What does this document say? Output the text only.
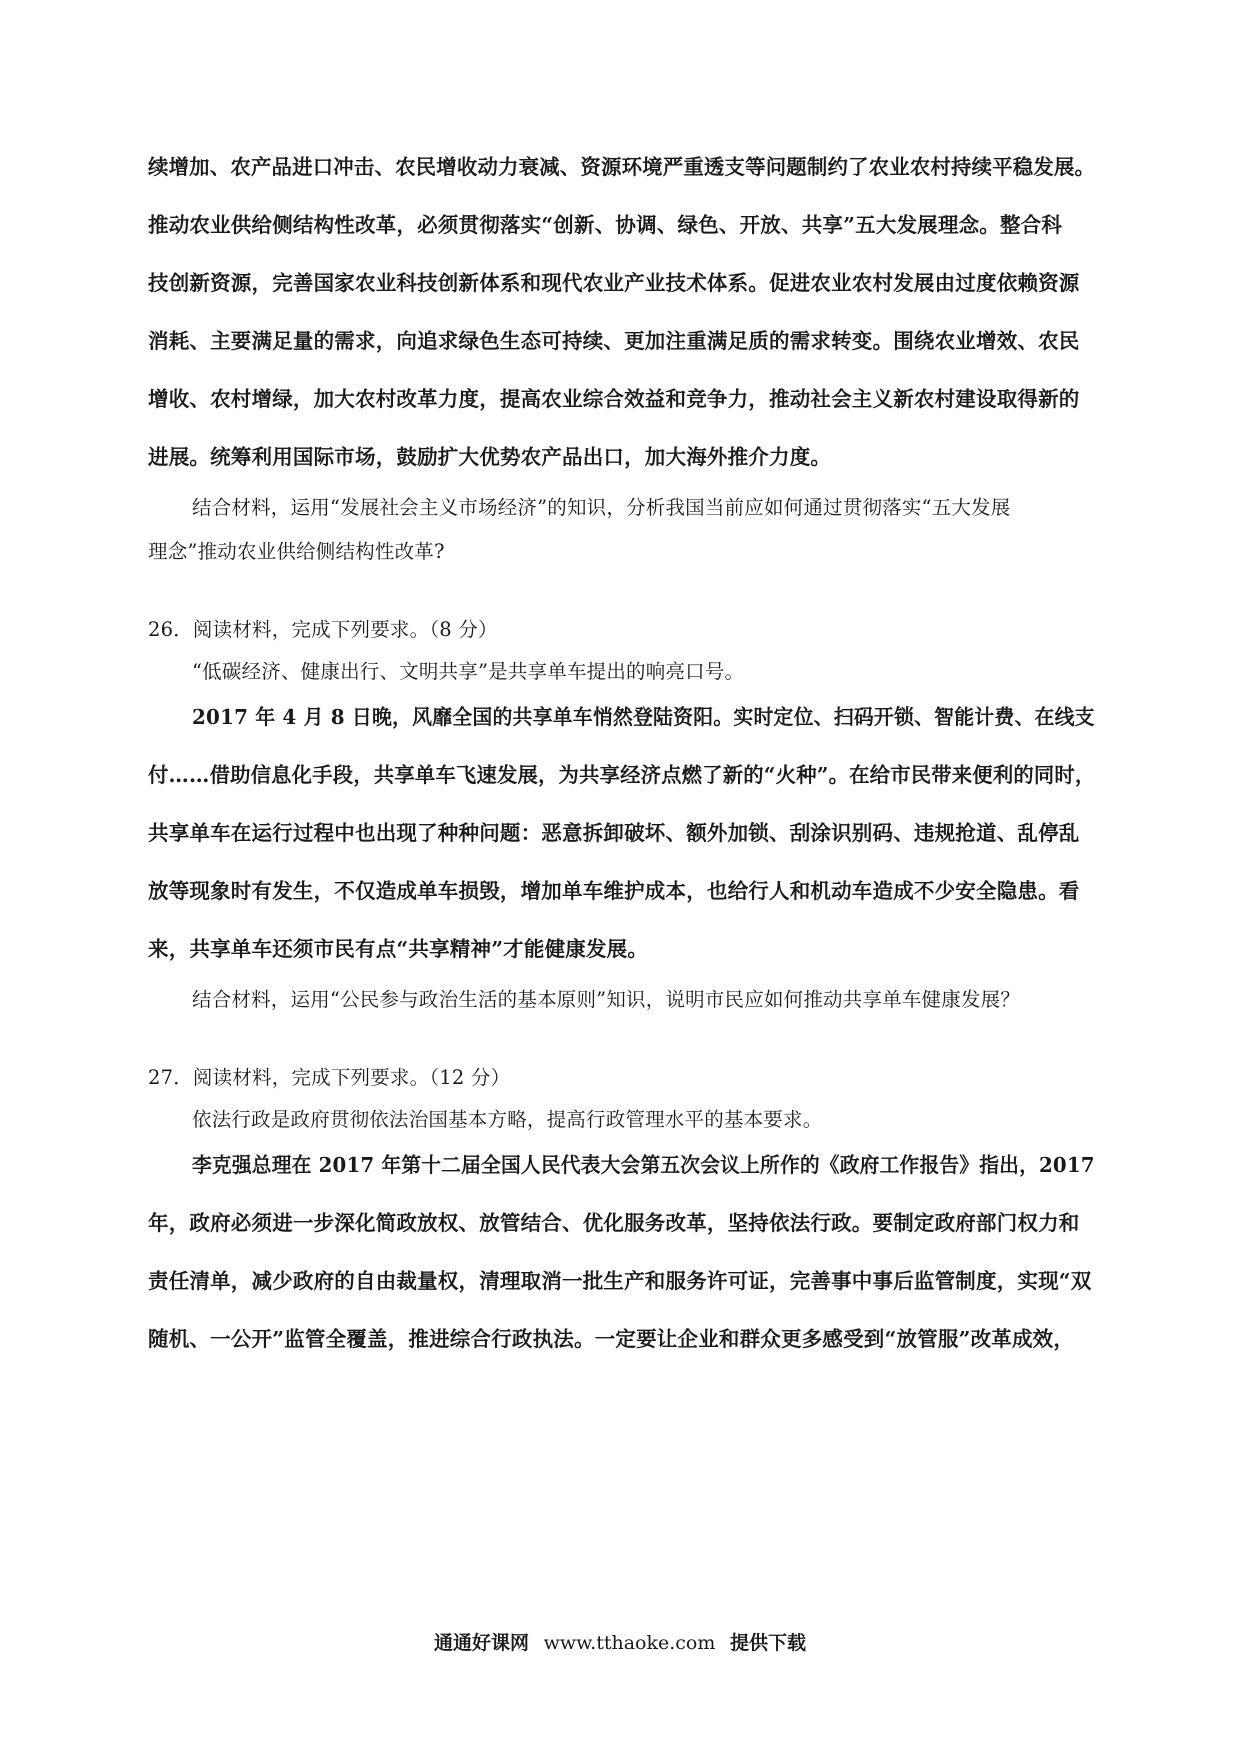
续增加、农产品进口冲击、农民增收动力衰减、资源环境严重透支等问题制约了农业农村持续平稳发展。
推动农业供给侧结构性改革，必须贯彻落实“创新、协调、绿色、开放、共享”五大发展理念。整合科
技创新资源，完善国家农业科技创新体系和现代农业产业技术体系。促进农业农村发展由过度依赖资源
消耗、主要满足量的需求，向追求绿色生态可持续、更加注重满足质的需求转变。围绕农业增效、农民
增收、农村增绿，加大农村改革力度，提高农业综合效益和竞争力，推动社会主义新农村建设取得新的
进展。统筹利用国际市场，鼓励扩大优势农产品出口，加大海外推介力度。
结合材料，运用“发展社会主义市场经济”的知识，分析我国当前应如何通过贯彻落实“五大发展
理念”推动农业供给侧结构性改革?
26．阅读材料，完成下列要求。（8 分）
“低碳经济、健康出行、文明共享”是共享单车提出的响亮口号。
2017 年 4 月 8 日晚，风靡全国的共享单车悄然登陆资阳。实时定位、扫码开锁、智能计费、在线支
付……借助信息化手段，共享单车飞速发展，为共享经济点燃了新的“火种”。在给市民带来便利的同时，
共享单车在运行过程中也出现了种种问题：恶意拆卸破坏、额外加锁、刮涂识别码、违规抢道、乱停乱
放等现象时有发生，不仅造成单车损毁，增加单车维护成本，也给行人和机动车造成不少安全隐患。看
来，共享单车还须市民有点“共享精神”才能健康发展。
结合材料，运用“公民参与政治生活的基本原则”知识，说明市民应如何推动共享单车健康发展？
27．阅读材料，完成下列要求。（12 分）
依法行政是政府贯彻依法治国基本方略，提高行政管理水平的基本要求。
李克强总理在 2017 年第十二届全国人民代表大会第五次会议上所作的《政府工作报告》指出，2017
年，政府必须进一步深化简政放权、放管结合、优化服务改革，坚持依法行政。要制定政府部门权力和
责任清单，减少政府的自由裁量权，清理取消一批生产和服务许可证，完善事中事后监管制度，实现“双
随机、一公开”监管全覆盖，推进综合行政执法。一定要让企业和群众更多感受到“放管服”改革成效，
通通好课网 www.tthaoke.com 提供下载
